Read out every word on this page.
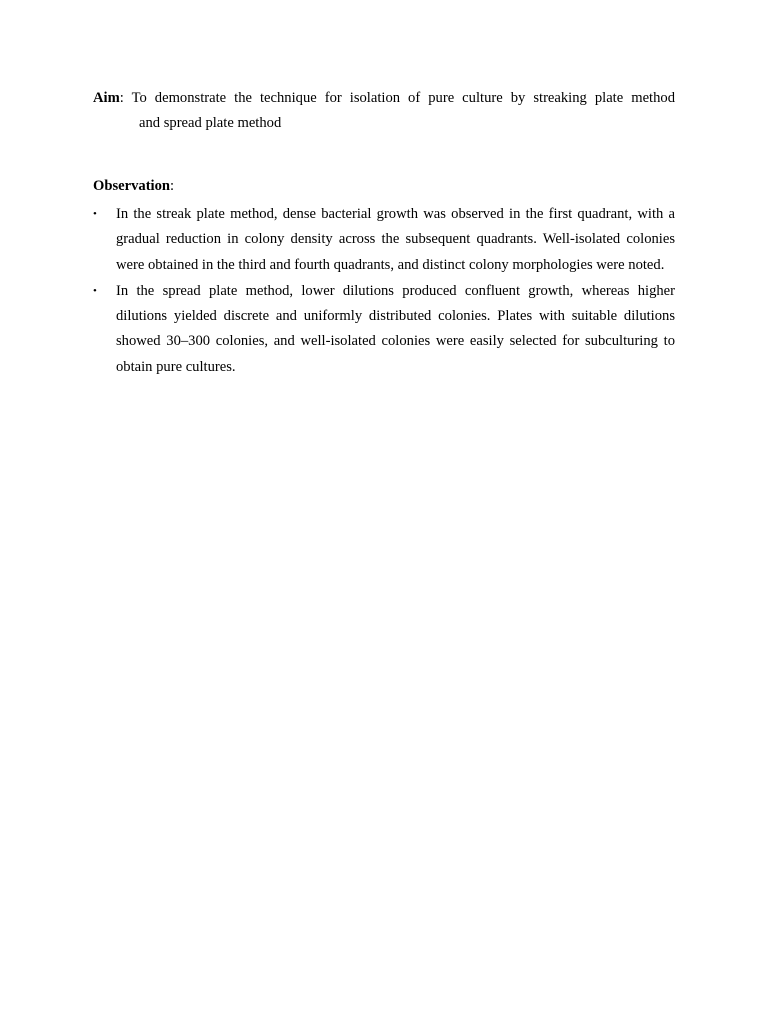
Aim: To demonstrate the technique for isolation of pure culture by streaking plate method
and spread plate method
Observation:
• In the streak plate method, dense bacterial growth was observed in the first quadrant, with a gradual reduction in colony density across the subsequent quadrants. Well-isolated colonies were obtained in the third and fourth quadrants, and distinct colony morphologies were noted.
• In the spread plate method, lower dilutions produced confluent growth, whereas higher dilutions yielded discrete and uniformly distributed colonies. Plates with suitable dilutions showed 30–300 colonies, and well-isolated colonies were easily selected for subculturing to obtain pure cultures.
